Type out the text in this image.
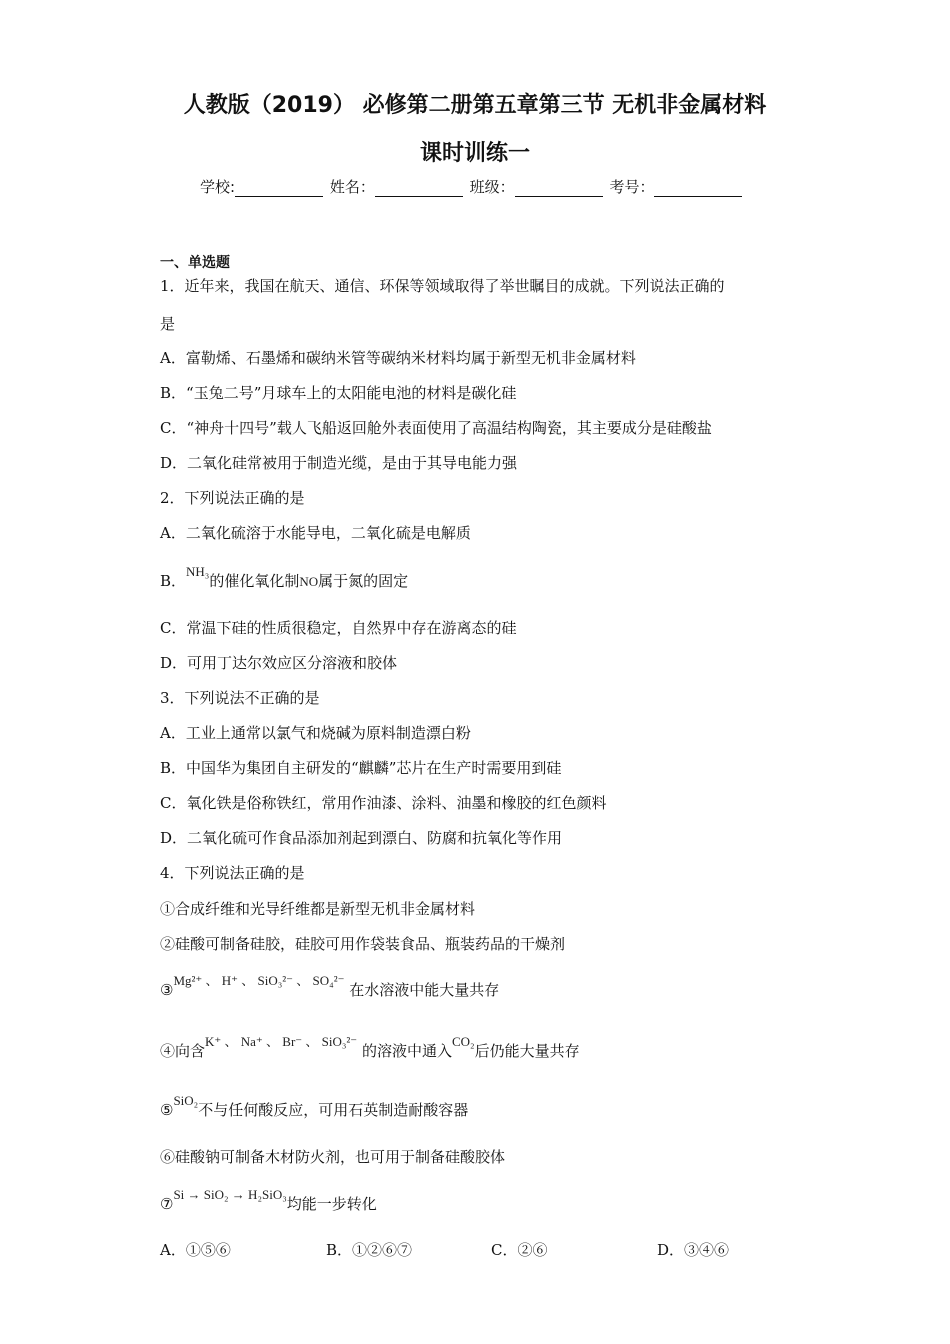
人教版（2019） 必修第二册第五章第三节 无机非金属材料
课时训练一
学校:	姓名：	班级：	考号：
一、单选题
1．近年来，我国在航天、通信、环保等领域取得了举世瞩目的成就。下列说法正确的
是
A．富勒烯、石墨烯和碳纳米管等碳纳米材料均属于新型无机非金属材料
B．“玉兔二号”月球车上的太阳能电池的材料是碳化硅
C．“神舟十四号”载人飞船返回舱外表面使用了高温结构陶瓷，其主要成分是硅酸盐
D．二氧化硅常被用于制造光缆，是由于其导电能力强
2．下列说法正确的是
A．二氧化硫溶于水能导电，二氧化硫是电解质
B．NH₃的催化氧化制NO属于氮的固定
C．常温下硅的性质很稳定，自然界中存在游离态的硅
D．可用丁达尔效应区分溶液和胶体
3．下列说法不正确的是
A．工业上通常以氯气和烧碱为原料制造漂白粉
B．中国华为集团自主研发的“麒麟”芯片在生产时需要用到硅
C．氧化铁是俗称铁红，常用作油漆、涂料、油墨和橡胶的红色颜料
D．二氧化硫可作食品添加剂起到漂白、防腐和抗氧化等作用
4．下列说法正确的是
①合成纤维和光导纤维都是新型无机非金属材料
②硅酸可制备硅胶，硅胶可用作袋装食品、瓶装药品的干燥剂
③Mg²⁺ 、 H⁺ 、 SiO₃²⁻ 、 SO₄²⁻ 在水溶液中能大量共存
④向含K⁺ 、 Na⁺ 、 Br⁻ 、 SiO₃²⁻ 的溶液中通入CO₂后仍能大量共存
⑤SiO₂不与任何酸反应，可用石英制造耐酸容器
⑥硅酸钠可制备木材防火剂，也可用于制备硅酸胶体
⑦Si → SiO₂ → H₂SiO₃均能一步转化
A．①⑤⑥	B．①②⑥⑦	C．②⑥	D．③④⑥
